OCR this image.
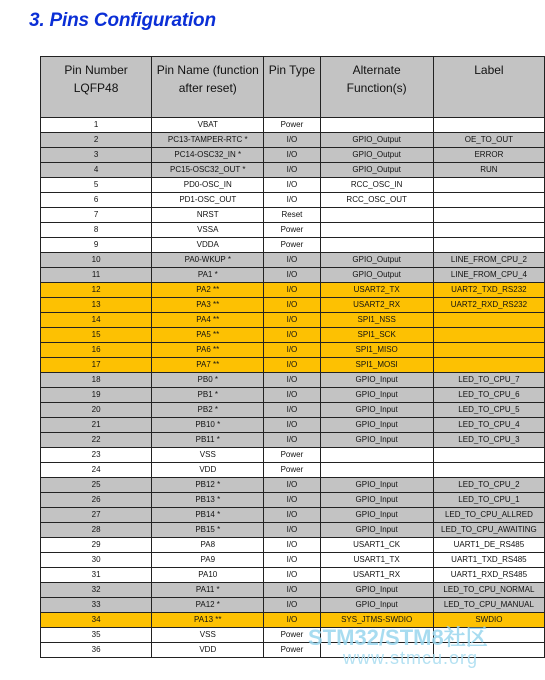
3. Pins Configuration
Pin Number LQFP48	Pin Name (function after reset)	Pin Type	Alternate Function(s)	Label
1	VBAT	Power		
2	PC13-TAMPER-RTC *	I/O	GPIO_Output	OE_TO_OUT
3	PC14-OSC32_IN *	I/O	GPIO_Output	ERROR
4	PC15-OSC32_OUT *	I/O	GPIO_Output	RUN
5	PD0-OSC_IN	I/O	RCC_OSC_IN	
6	PD1-OSC_OUT	I/O	RCC_OSC_OUT	
7	NRST	Reset		
8	VSSA	Power		
9	VDDA	Power		
10	PA0-WKUP *	I/O	GPIO_Output	LINE_FROM_CPU_2
11	PA1 *	I/O	GPIO_Output	LINE_FROM_CPU_4
12	PA2 **	I/O	USART2_TX	UART2_TXD_RS232
13	PA3 **	I/O	USART2_RX	UART2_RXD_RS232
14	PA4 **	I/O	SPI1_NSS	
15	PA5 **	I/O	SPI1_SCK	
16	PA6 **	I/O	SPI1_MISO	
17	PA7 **	I/O	SPI1_MOSI	
18	PB0 *	I/O	GPIO_Input	LED_TO_CPU_7
19	PB1 *	I/O	GPIO_Input	LED_TO_CPU_6
20	PB2 *	I/O	GPIO_Input	LED_TO_CPU_5
21	PB10 *	I/O	GPIO_Input	LED_TO_CPU_4
22	PB11 *	I/O	GPIO_Input	LED_TO_CPU_3
23	VSS	Power		
24	VDD	Power		
25	PB12 *	I/O	GPIO_Input	LED_TO_CPU_2
26	PB13 *	I/O	GPIO_Input	LED_TO_CPU_1
27	PB14 *	I/O	GPIO_Input	LED_TO_CPU_ALLRED
28	PB15 *	I/O	GPIO_Input	LED_TO_CPU_AWAITING
29	PA8	I/O	USART1_CK	UART1_DE_RS485
30	PA9	I/O	USART1_TX	UART1_TXD_RS485
31	PA10	I/O	USART1_RX	UART1_RXD_RS485
32	PA11 *	I/O	GPIO_Input	LED_TO_CPU_NORMAL
33	PA12 *	I/O	GPIO_Input	LED_TO_CPU_MANUAL
34	PA13 **	I/O	SYS_JTMS-SWDIO	SWDIO
35	VSS	Power		
36	VDD	Power		STM32/STM8社区
www.stmcu.org
